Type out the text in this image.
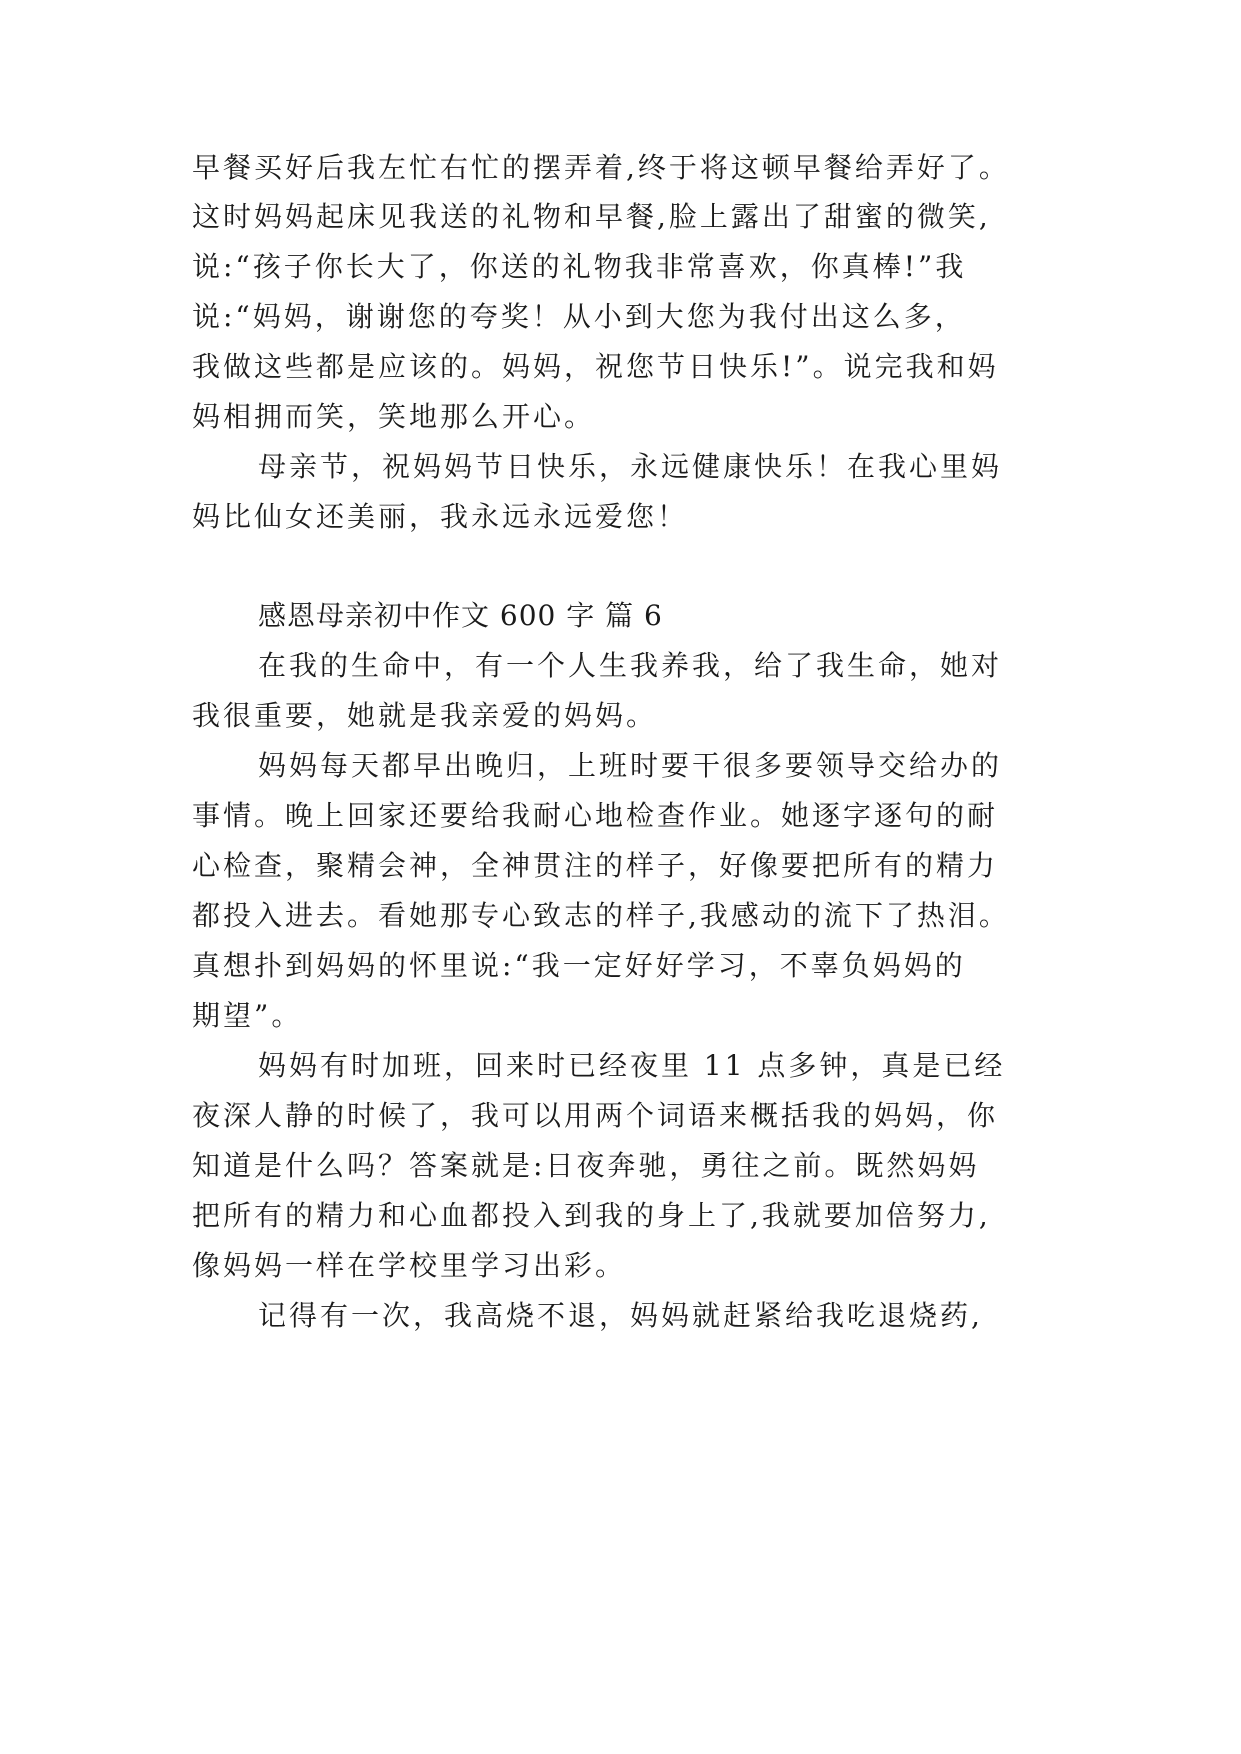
早餐买好后我左忙右忙的摆弄着,终于将这顿早餐给弄好了。
这时妈妈起床见我送的礼物和早餐,脸上露出了甜蜜的微笑,
说:“孩子你长大了，你送的礼物我非常喜欢，你真棒!”我
说:“妈妈，谢谢您的夸奖！从小到大您为我付出这么多，
我做这些都是应该的。妈妈，祝您节日快乐!”。说完我和妈
妈相拥而笑，笑地那么开心。
母亲节，祝妈妈节日快乐，永远健康快乐！在我心里妈
妈比仙女还美丽，我永远永远爱您！
感恩母亲初中作文 600 字 篇 6
在我的生命中，有一个人生我养我，给了我生命，她对
我很重要，她就是我亲爱的妈妈。
妈妈每天都早出晚归，上班时要干很多要领导交给办的
事情。晚上回家还要给我耐心地检查作业。她逐字逐句的耐
心检查，聚精会神，全神贯注的样子，好像要把所有的精力
都投入进去。看她那专心致志的样子,我感动的流下了热泪。
真想扑到妈妈的怀里说:“我一定好好学习，不辜负妈妈的
期望”。
妈妈有时加班，回来时已经夜里 11 点多钟，真是已经
夜深人静的时候了，我可以用两个词语来概括我的妈妈，你
知道是什么吗？答案就是:日夜奔驰，勇往之前。既然妈妈
把所有的精力和心血都投入到我的身上了,我就要加倍努力,
像妈妈一样在学校里学习出彩。
记得有一次，我高烧不退，妈妈就赶紧给我吃退烧药,
